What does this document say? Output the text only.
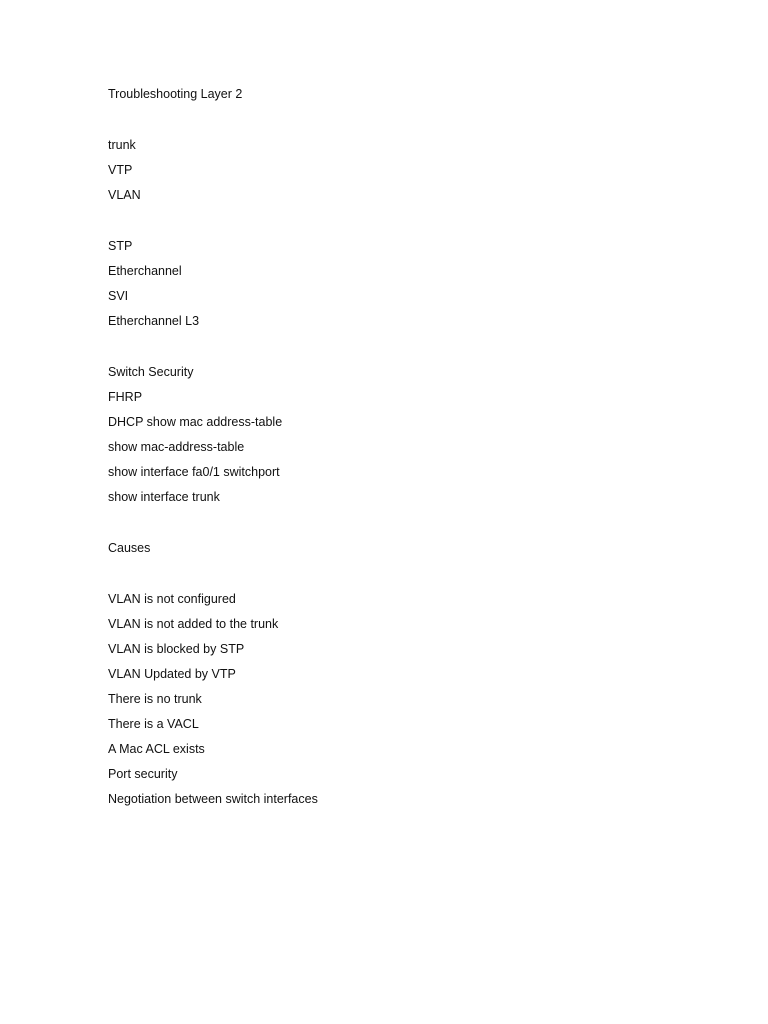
Troubleshooting Layer 2
trunk
VTP
VLAN
STP
Etherchannel
SVI
Etherchannel L3
Switch Security
FHRP
DHCP show mac address-table
show mac-address-table
show interface fa0/1 switchport
show interface trunk
Causes
VLAN is not configured
VLAN is not added to the trunk
VLAN is blocked by STP
VLAN Updated by VTP
There is no trunk
There is a VACL
A Mac ACL exists
Port security
Negotiation between switch interfaces
